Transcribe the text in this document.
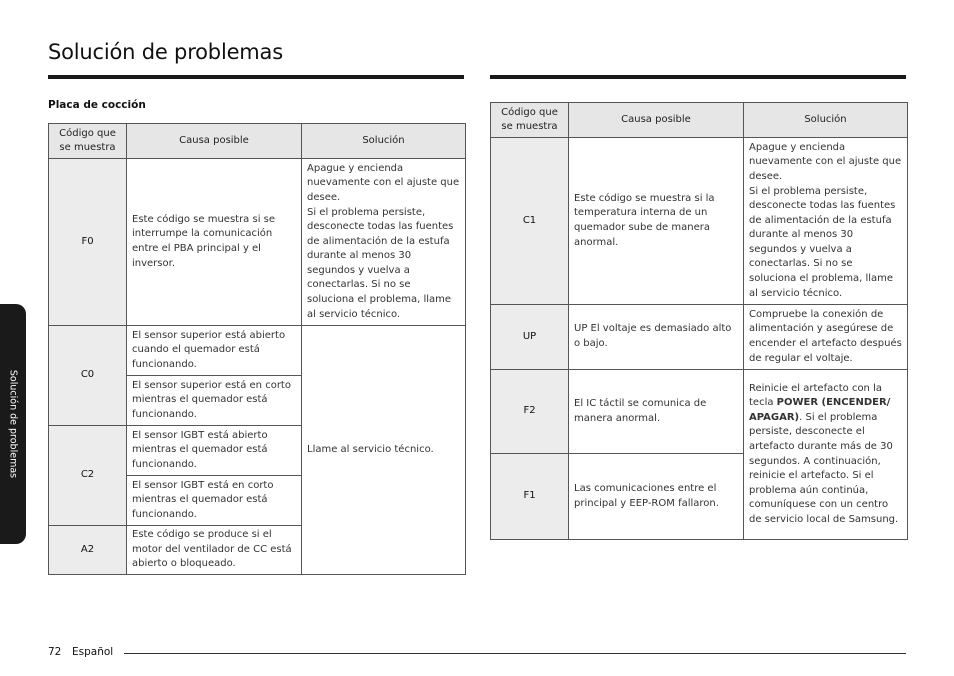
Solución de problemas
Placa de cocción
Código que se muestra	Causa posible	Solución
F0	Este código se muestra si se interrumpe la comunicación entre el PBA principal y el inversor.	Apague y encienda nuevamente con el ajuste que desee.
Si el problema persiste, desconecte todas las fuentes de alimentación de la estufa durante al menos 30 segundos y vuelva a conectarlas. Si no se soluciona el problema, llame al servicio técnico.
C0	El sensor superior está abierto cuando el quemador está funcionando.	Llame al servicio técnico.
	El sensor superior está en corto mientras el quemador está funcionando.	
C2	El sensor IGBT está abierto mientras el quemador está funcionando.	
	El sensor IGBT está en corto mientras el quemador está funcionando.	
A2	Este código se produce si el motor del ventilador de CC está abierto o bloqueado.	
Código que se muestra	Causa posible	Solución
C1	Este código se muestra si la temperatura interna de un quemador sube de manera anormal.	Apague y encienda nuevamente con el ajuste que desee.
Si el problema persiste, desconecte todas las fuentes de alimentación de la estufa durante al menos 30 segundos y vuelva a conectarlas. Si no se soluciona el problema, llame al servicio técnico.
UP	UP El voltaje es demasiado alto o bajo.	Compruebe la conexión de alimentación y asegúrese de encender el artefacto después de regular el voltaje.
F2	El IC táctil se comunica de manera anormal.	Reinicie el artefacto con la tecla POWER (ENCENDER/ APAGAR). Si el problema persiste, desconecte el artefacto durante más de 30 segundos. A continuación, reinicie el artefacto. Si el problema aún continúa, comuníquese con un centro de servicio local de Samsung.
F1	Las comunicaciones entre el principal y EEP-ROM fallaron.	
Solución de problemas
72 Español
